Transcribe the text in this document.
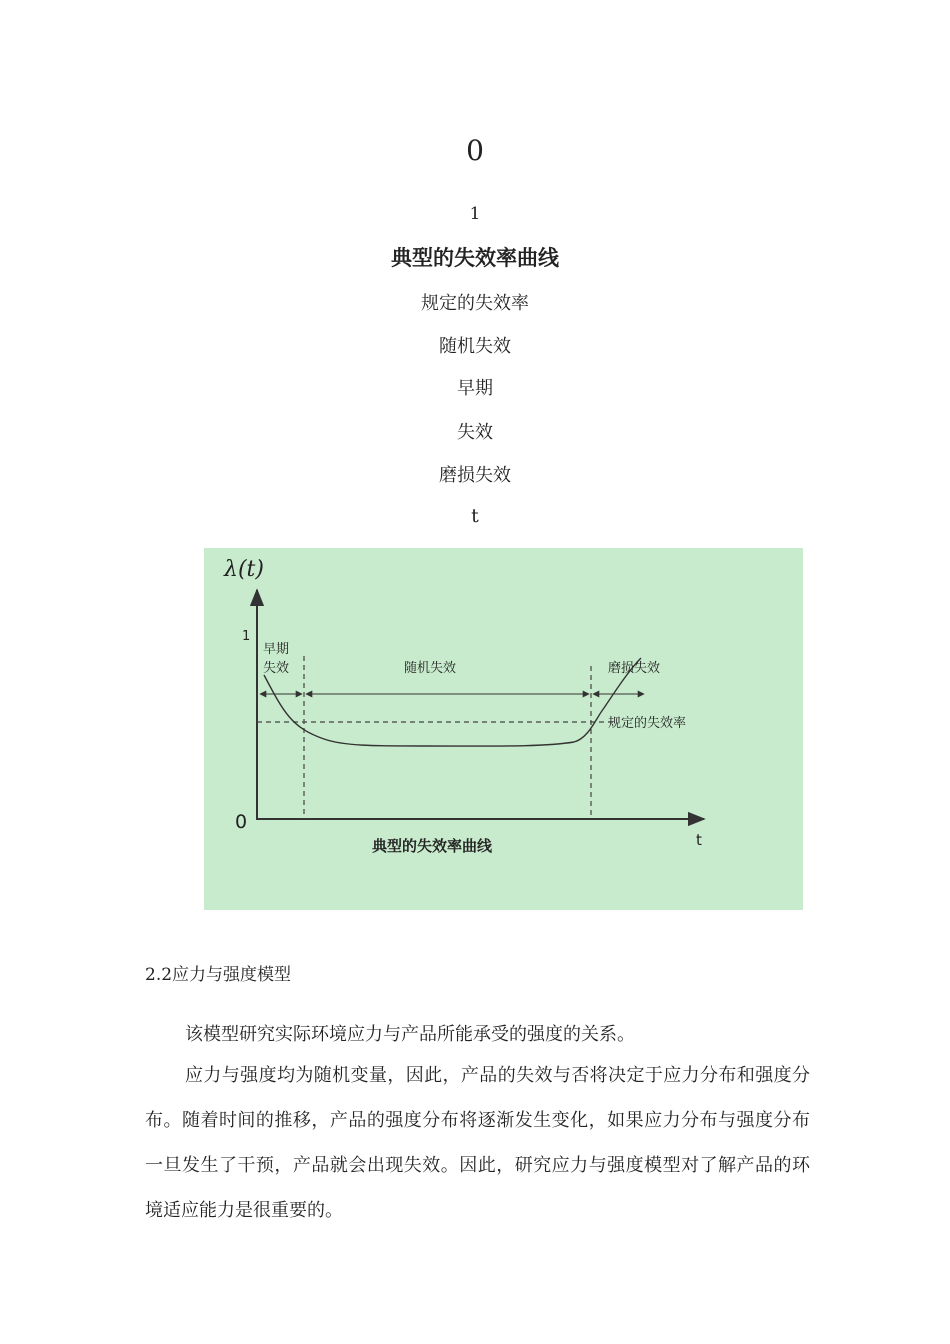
0
1
典型的失效率曲线
规定的失效率
随机失效
早期
失效
磨损失效
t
λ(t)
1
0
t
早期
失效	随机失效	磨损失效
规定的失效率
典型的失效率曲线
2.2应力与强度模型
该模型研究实际环境应力与产品所能承受的强度的关系。
应力与强度均为随机变量，因此，产品的失效与否将决定于应力分布和强度分布。随着时间的推移，产品的强度分布将逐渐发生变化，如果应力分布与强度分布一旦发生了干预，产品就会出现失效。因此，研究应力与强度模型对了解产品的环境适应能力是很重要的。
